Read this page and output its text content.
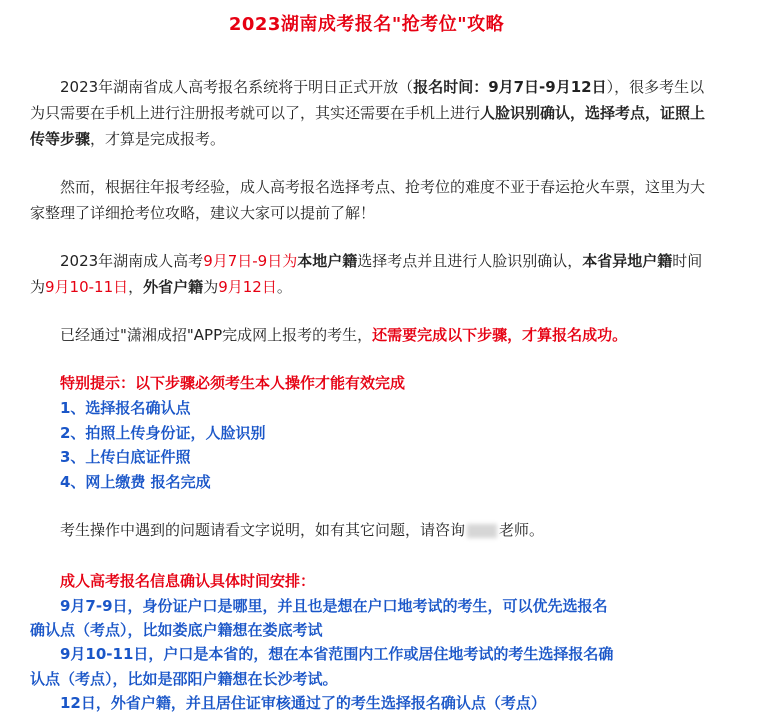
2023湖南成考报名"抢考位"攻略
2023年湖南省成人高考报名系统将于明日正式开放（报名时间：9月7日-9月12日），很多考生以为只需要在手机上进行注册报考就可以了，其实还需要在手机上进行人脸识别确认，选择考点，证照上传等步骤，才算是完成报考。
然而，根据往年报考经验，成人高考报名选择考点、抢考位的难度不亚于春运抢火车票，这里为大家整理了详细抢考位攻略，建议大家可以提前了解！
2023年湖南成人高考9月7日-9日为本地户籍选择考点并且进行人脸识别确认，本省异地户籍时间为9月10-11日，外省户籍为9月12日。
已经通过"潇湘成招"APP完成网上报考的考生，还需要完成以下步骤，才算报名成功。
特别提示：以下步骤必须考生本人操作才能有效完成
1、选择报名确认点
2、拍照上传身份证，人脸识别
3、上传白底证件照
4、网上缴费 报名完成
考生操作中遇到的问题请看文字说明，如有其它问题，请咨询 老师。
成人高考报名信息确认具体时间安排：
9月7-9日，身份证户口是哪里，并且也是想在户口地考试的考生，可以优先选报名
确认点（考点），比如娄底户籍想在娄底考试
9月10-11日，户口是本省的，想在本省范围内工作或居住地考试的考生选择报名确
认点（考点），比如是邵阳户籍想在长沙考试。
12日，外省户籍，并且居住证审核通过了的考生选择报名确认点（考点）
